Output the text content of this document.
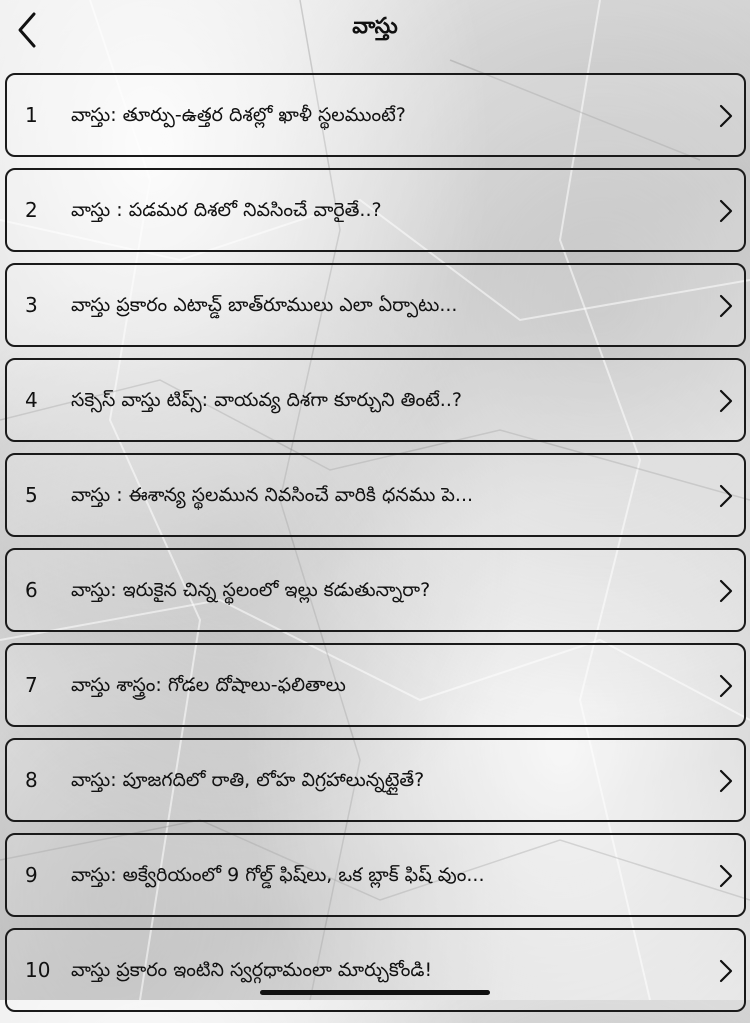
వాస్తు
1	వాస్తు: తూర్పు-ఉత్తర దిశల్లో ఖాళీ స్థలముంటే?
2	వాస్తు : పడమర దిశలో నివసించే వారైతే..?
3	వాస్తు ప్రకారం ఎటాచ్డ్ బాత్‌రూములు ఎలా ఏర్పాటు...
4	సక్సెస్ వాస్తు టిప్స్: వాయవ్య దిశగా కూర్చుని తింటే..?
5	వాస్తు : ఈశాన్య స్థలమున నివసించే వారికి ధనము పె...
6	వాస్తు: ఇరుకైన చిన్న స్థలంలో ఇల్లు కడుతున్నారా?
7	వాస్తు శాస్త్రం: గోడల దోషాలు-ఫలితాలు
8	వాస్తు: పూజగదిలో రాతి, లోహ విగ్రహాలున్నట్లైతే?
9	వాస్తు: అక్వేరియంలో 9 గోల్డ్ ఫిష్‌లు, ఒక బ్లాక్ ఫిష్ వుం...
10	వాస్తు ప్రకారం ఇంటిని స్వర్గధామంలా మార్చుకోండి!
